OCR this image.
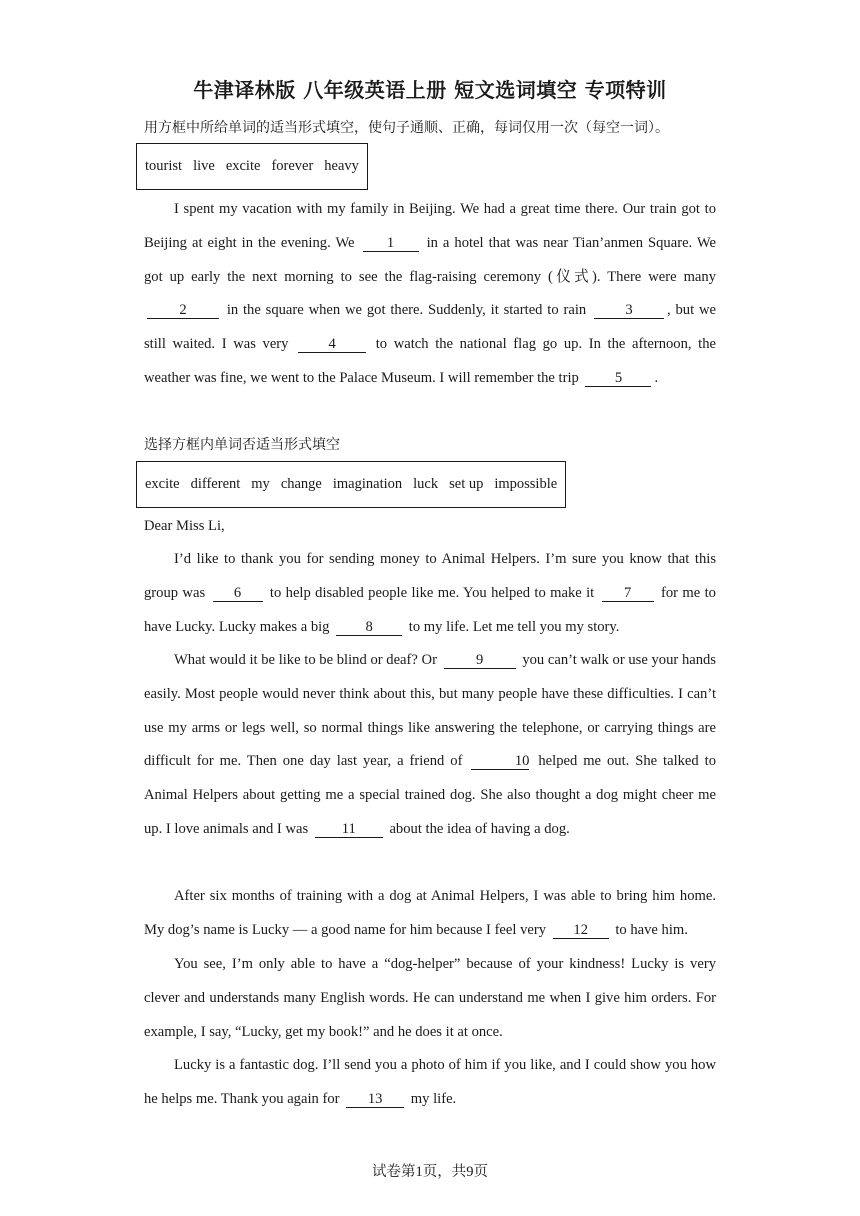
牛津译林版 八年级英语上册 短文选词填空 专项特训
用方框中所给单词的适当形式填空，使句子通顺、正确，每词仅用一次（每空一词）。
tourist live excite forever heavy
I spent my vacation with my family in Beijing. We had a great time there. Our train got to Beijing at eight in the evening. We 1 in a hotel that was near Tian’anmen Square. We got up early the next morning to see the flag-raising ceremony (仪式). There were many 2	in the square when we got there. Suddenly, it started to rain	3 , but we still waited. I was very	4	to watch the national flag go up. In the afternoon, the weather was fine, we went to the Palace Museum. I will remember the trip 5 .
选择方框内单词否适当形式填空
excite different my change imagination luck set up impossible
Dear Miss Li,
I’d like to thank you for sending money to Animal Helpers. I’m sure you know that this group was 6 to help disabled people like me. You helped to make it 7 for me to have Lucky. Lucky makes a big 8 to my life. Let me tell you my story.
What would it be like to be blind or deaf? Or	9	you can’t walk or use your hands easily. Most people would never think about this, but many people have these difficulties. I can’t use my arms or legs well, so normal things like answering the telephone, or carrying things are difficult for me. Then one day last year, a friend of	10 helped me out. She talked to Animal Helpers about getting me a special trained dog. She also thought a dog might cheer me up. I love animals and I was 11 about the idea of having a dog.
After six months of training with a dog at Animal Helpers, I was able to bring him home. My dog’s name is Lucky — a good name for him because I feel very 12 to have him.
You see, I’m only able to have a “dog-helper” because of your kindness! Lucky is very clever and understands many English words. He can understand me when I give him orders. For example, I say, “Lucky, get my book!” and he does it at once.
Lucky is a fantastic dog. I’ll send you a photo of him if you like, and I could show you how he helps me. Thank you again for 13 my life.
试卷第1页，共9页
